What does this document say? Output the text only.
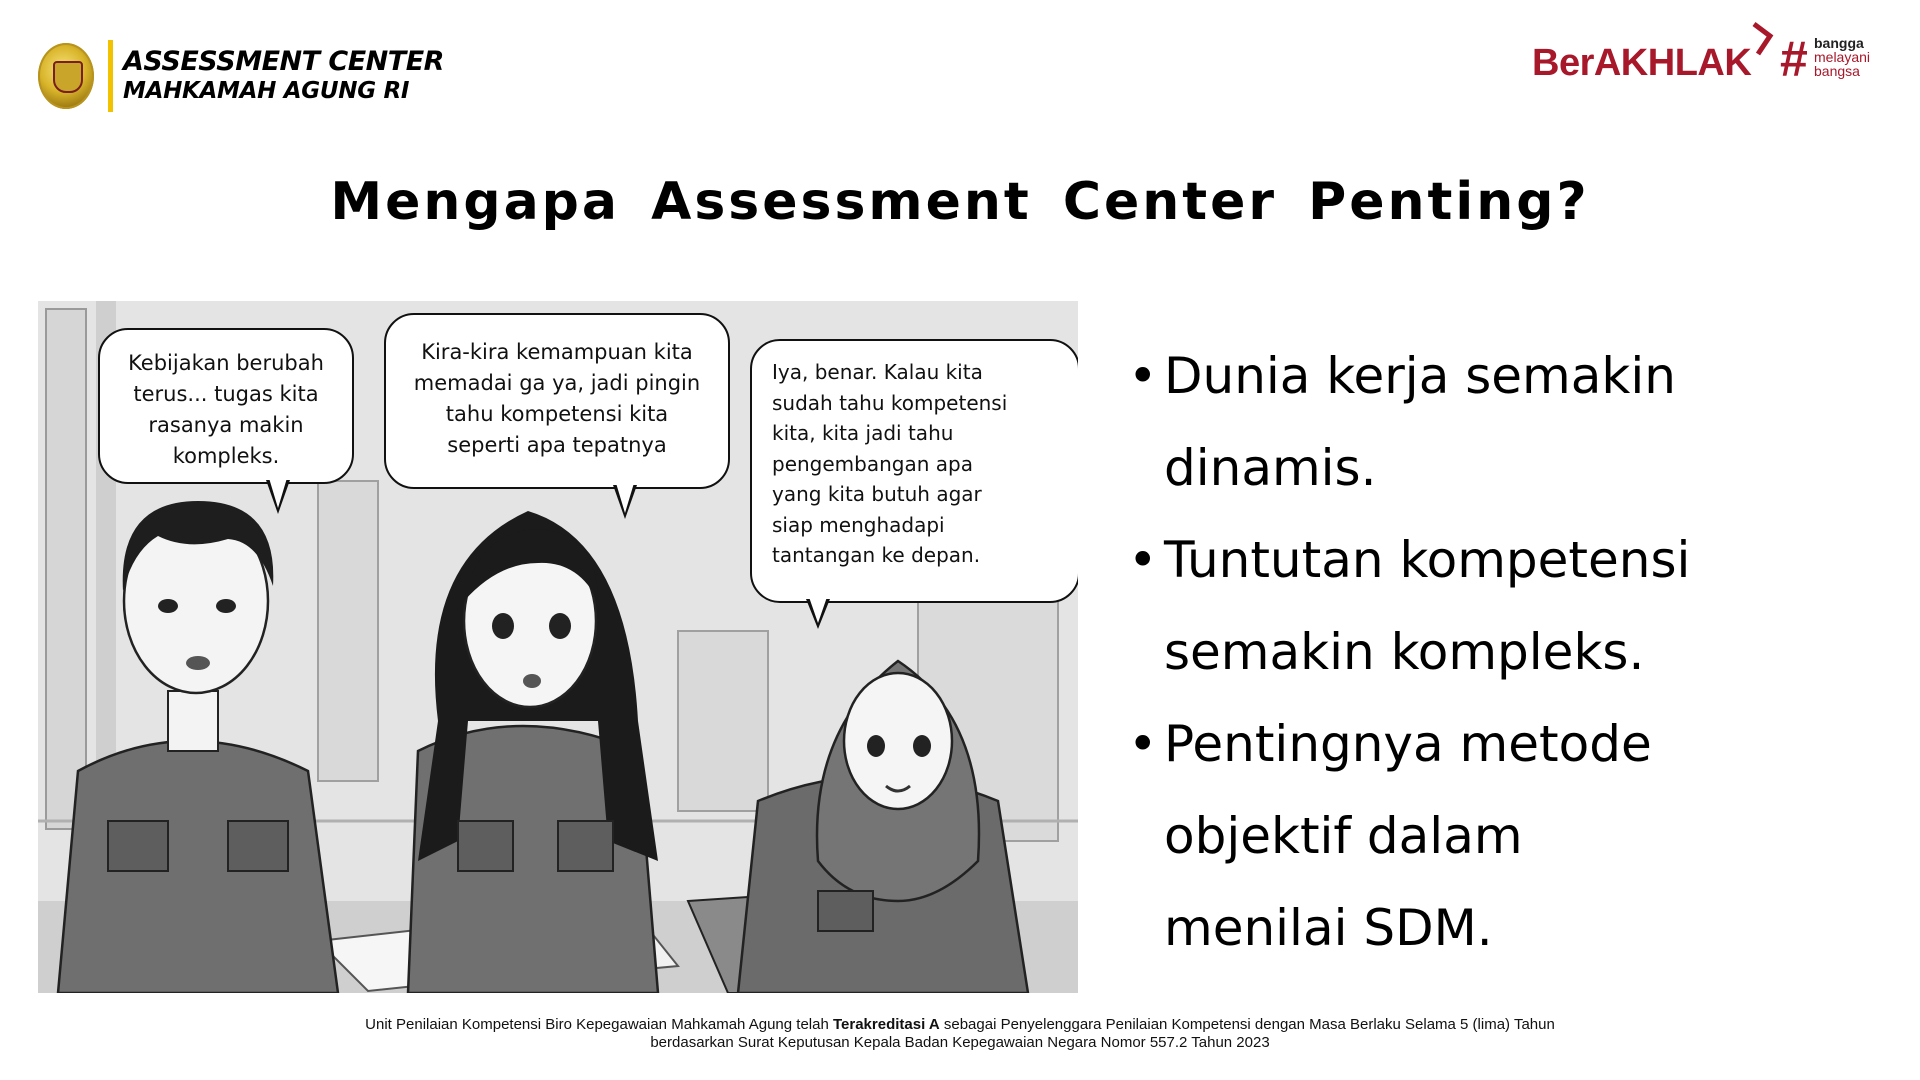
ASSESSMENT CENTER
MAHKAMAH AGUNG RI
BerAKHLAK # bangga
melayani
bangsa
Mengapa Assessment Center Penting?
Kebijakan berubah
terus... tugas kita
rasanya makin
kompleks.
Kira-kira kemampuan kita
memadai ga ya, jadi pingin
tahu kompetensi kita
seperti apa tepatnya
Iya, benar. Kalau kita
sudah tahu kompetensi
kita, kita jadi tahu
pengembangan apa
yang kita butuh agar
siap menghadapi
tantangan ke depan.
• Dunia kerja semakin
dinamis.
• Tuntutan kompetensi
semakin kompleks.
• Pentingnya metode
objektif dalam
menilai SDM.
Unit Penilaian Kompetensi Biro Kepegawaian Mahkamah Agung telah Terakreditasi A sebagai Penyelenggara Penilaian Kompetensi dengan Masa Berlaku Selama 5 (lima) Tahun
berdasarkan Surat Keputusan Kepala Badan Kepegawaian Negara Nomor 557.2 Tahun 2023
